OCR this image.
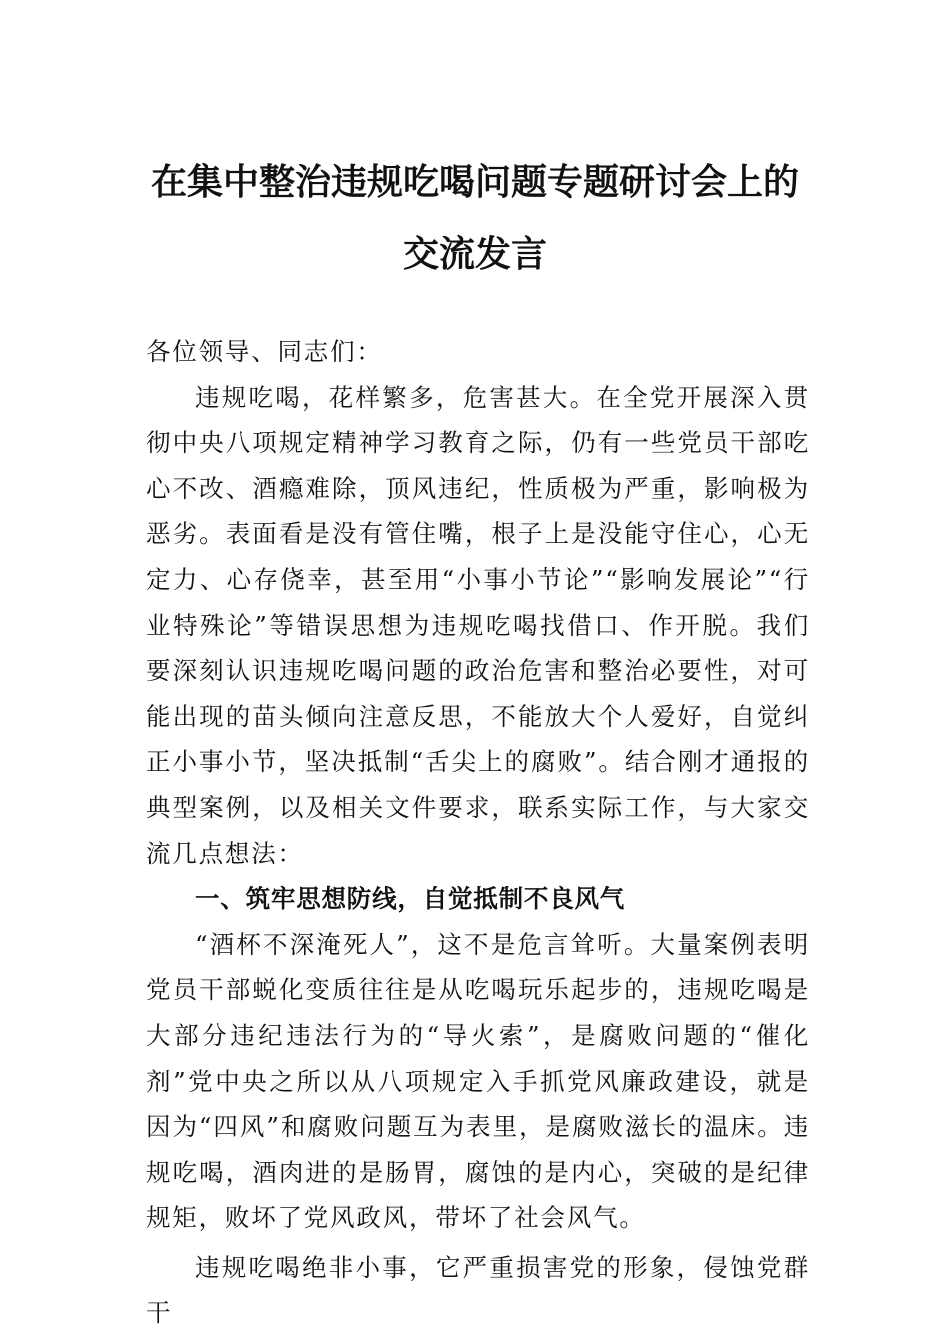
在集中整治违规吃喝问题专题研讨会上的
交流发言

各位领导、同志们：

违规吃喝，花样繁多，危害甚大。在全党开展深入贯彻中央八项规定精神学习教育之际，仍有一些党员干部吃心不改、酒瘾难除，顶风违纪，性质极为严重，影响极为恶劣。表面看是没有管住嘴，根子上是没能守住心，心无定力、心存侥幸，甚至用“小事小节论”“影响发展论”“行业特殊论”等错误思想为违规吃喝找借口、作开脱。我们要深刻认识违规吃喝问题的政治危害和整治必要性，对可能出现的苗头倾向注意反思，不能放大个人爱好，自觉纠正小事小节，坚决抵制“舌尖上的腐败”。结合刚才通报的典型案例，以及相关文件要求，联系实际工作，与大家交流几点想法：

一、筑牢思想防线，自觉抵制不良风气

“酒杯不深淹死人”，这不是危言耸听。大量案例表明党员干部蜕化变质往往是从吃喝玩乐起步的，违规吃喝是大部分违纪违法行为的“导火索”，是腐败问题的“催化剂”党中央之所以从八项规定入手抓党风廉政建设，就是因为“四风”和腐败问题互为表里，是腐败滋长的温床。违规吃喝，酒肉进的是肠胃，腐蚀的是内心，突破的是纪律规矩，败坏了党风政风，带坏了社会风气。

违规吃喝绝非小事，它严重损害党的形象，侵蚀党群干
